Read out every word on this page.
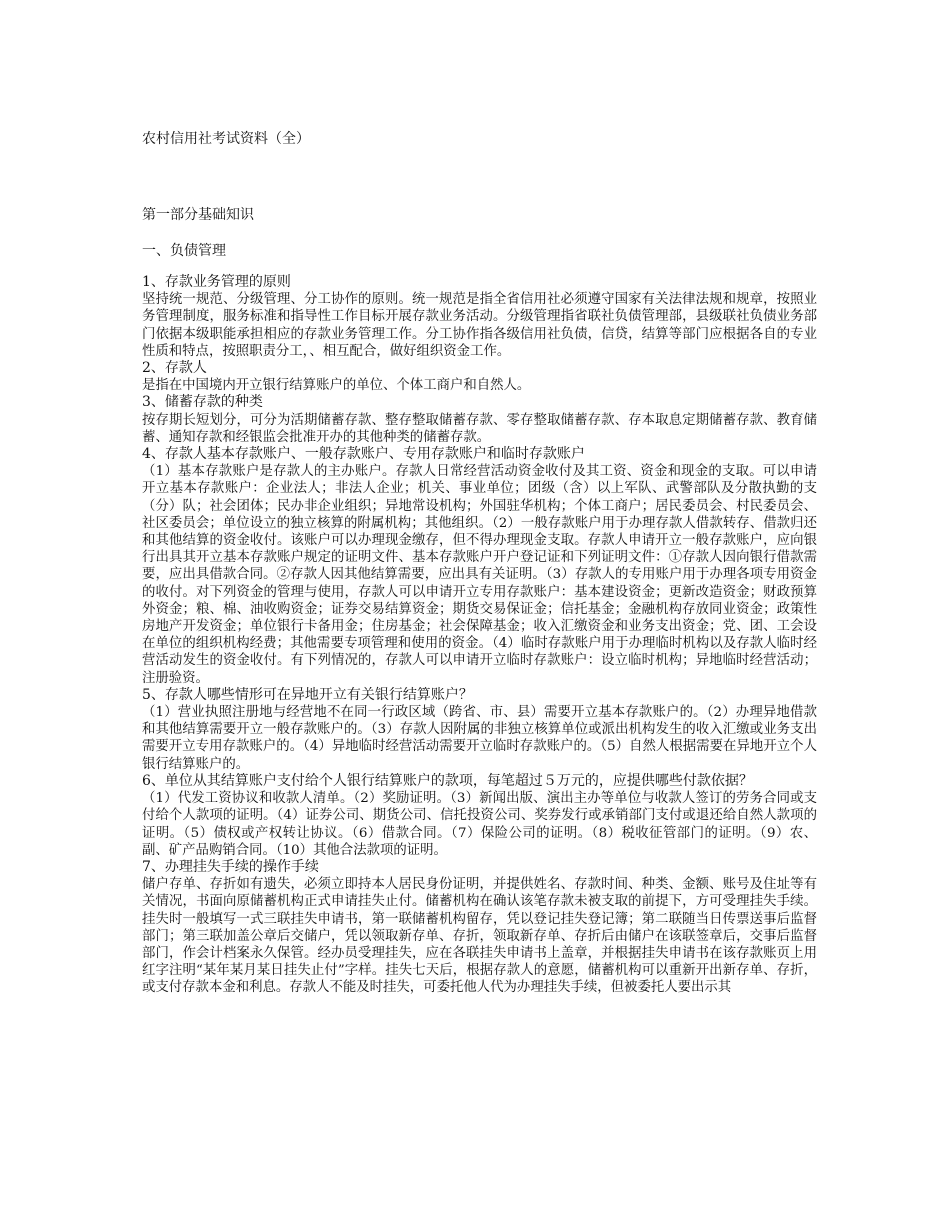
农村信用社考试资料（全）
第一部分基础知识
一、负债管理

1、存款业务管理的原则

坚持统一规范、分级管理、分工协作的原则。统一规范是指全省信用社必须遵守国家有关法律法规和规章，按照业务管理制度，服务标准和指导性工作目标开展存款业务活动。分级管理指省联社负债管理部，县级联社负债业务部门依据本级职能承担相应的存款业务管理工作。分工协作指各级信用社负债，信贷，结算等部门应根据各自的专业性质和特点，按照职责分工，、相互配合，做好组织资金工作。

2、存款人

是指在中国境内开立银行结算账户的单位、个体工商户和自然人。

3、储蓄存款的种类

按存期长短划分，可分为活期储蓄存款、整存整取储蓄存款、零存整取储蓄存款、存本取息定期储蓄存款、教育储蓄、通知存款和经银监会批准开办的其他种类的储蓄存款。

4、存款人基本存款账户、一般存款账户、专用存款账户和临时存款账户

（1）基本存款账户是存款人的主办账户。存款人日常经营活动资金收付及其工资、资金和现金的支取。可以申请开立基本存款账户：企业法人；非法人企业；机关、事业单位；团级（含）以上军队、武警部队及分散执勤的支（分）队；社会团体；民办非企业组织；异地常设机构；外国驻华机构；个体工商户；居民委员会、村民委员会、社区委员会；单位设立的独立核算的附属机构；其他组织。（2）一般存款账户用于办理存款人借款转存、借款归还和其他结算的资金收付。该账户可以办理现金缴存，但不得办理现金支取。存款人申请开立一般存款账户，应向银行出具其开立基本存款账户规定的证明文件、基本存款账户开户登记证和下列证明文件：①存款人因向银行借款需要，应出具借款合同。②存款人因其他结算需要，应出具有关证明。（3）存款人的专用账户用于办理各项专用资金的收付。对下列资金的管理与使用，存款人可以申请开立专用存款账户：基本建设资金；更新改造资金；财政预算外资金；粮、棉、油收购资金；证券交易结算资金；期货交易保证金；信托基金；金融机构存放同业资金；政策性房地产开发资金；单位银行卡备用金；住房基金；社会保障基金；收入汇缴资金和业务支出资金；党、团、工会设在单位的组织机构经费；其他需要专项管理和使用的资金。（4）临时存款账户用于办理临时机构以及存款人临时经营活动发生的资金收付。有下列情况的，存款人可以申请开立临时存款账户：设立临时机构；异地临时经营活动；注册验资。

5、存款人哪些情形可在异地开立有关银行结算账户？

（1）营业执照注册地与经营地不在同一行政区域（跨省、市、县）需要开立基本存款账户的。（2）办理异地借款和其他结算需要开立一般存款账户的。（3）存款人因附属的非独立核算单位或派出机构发生的收入汇缴或业务支出需要开立专用存款账户的。（4）异地临时经营活动需要开立临时存款账户的。（5）自然人根据需要在异地开立个人银行结算账户的。

6、单位从其结算账户支付给个人银行结算账户的款项，每笔超过５万元的，应提供哪些付款依据？

（1）代发工资协议和收款人清单。（2）奖励证明。（3）新闻出版、演出主办等单位与收款人签订的劳务合同或支付给个人款项的证明。（4）证券公司、期货公司、信托投资公司、奖券发行或承销部门支付或退还给自然人款项的证明。（5）债权或产权转让协议。（6）借款合同。（7）保险公司的证明。（8）税收征管部门的证明。（9）农、副、矿产品购销合同。（10）其他合法款项的证明。

7、办理挂失手续的操作手续

储户存单、存折如有遗失，必须立即持本人居民身份证明，并提供姓名、存款时间、种类、金额、账号及住址等有关情况，书面向原储蓄机构正式申请挂失止付。储蓄机构在确认该笔存款未被支取的前提下，方可受理挂失手续。挂失时一般填写一式三联挂失申请书，第一联储蓄机构留存，凭以登记挂失登记簿；第二联随当日传票送事后监督部门；第三联加盖公章后交储户，凭以领取新存单、存折，领取新存单、存折后由储户在该联签章后，交事后监督部门，作会计档案永久保管。经办员受理挂失，应在各联挂失申请书上盖章，并根据挂失申请书在该存款账页上用红字注明“某年某月某日挂失止付”字样。挂失七天后，根据存款人的意愿，储蓄机构可以重新开出新存单、存折，或支付存款本金和利息。存款人不能及时挂失，可委托他人代为办理挂失手续，但被委托人要出示其
